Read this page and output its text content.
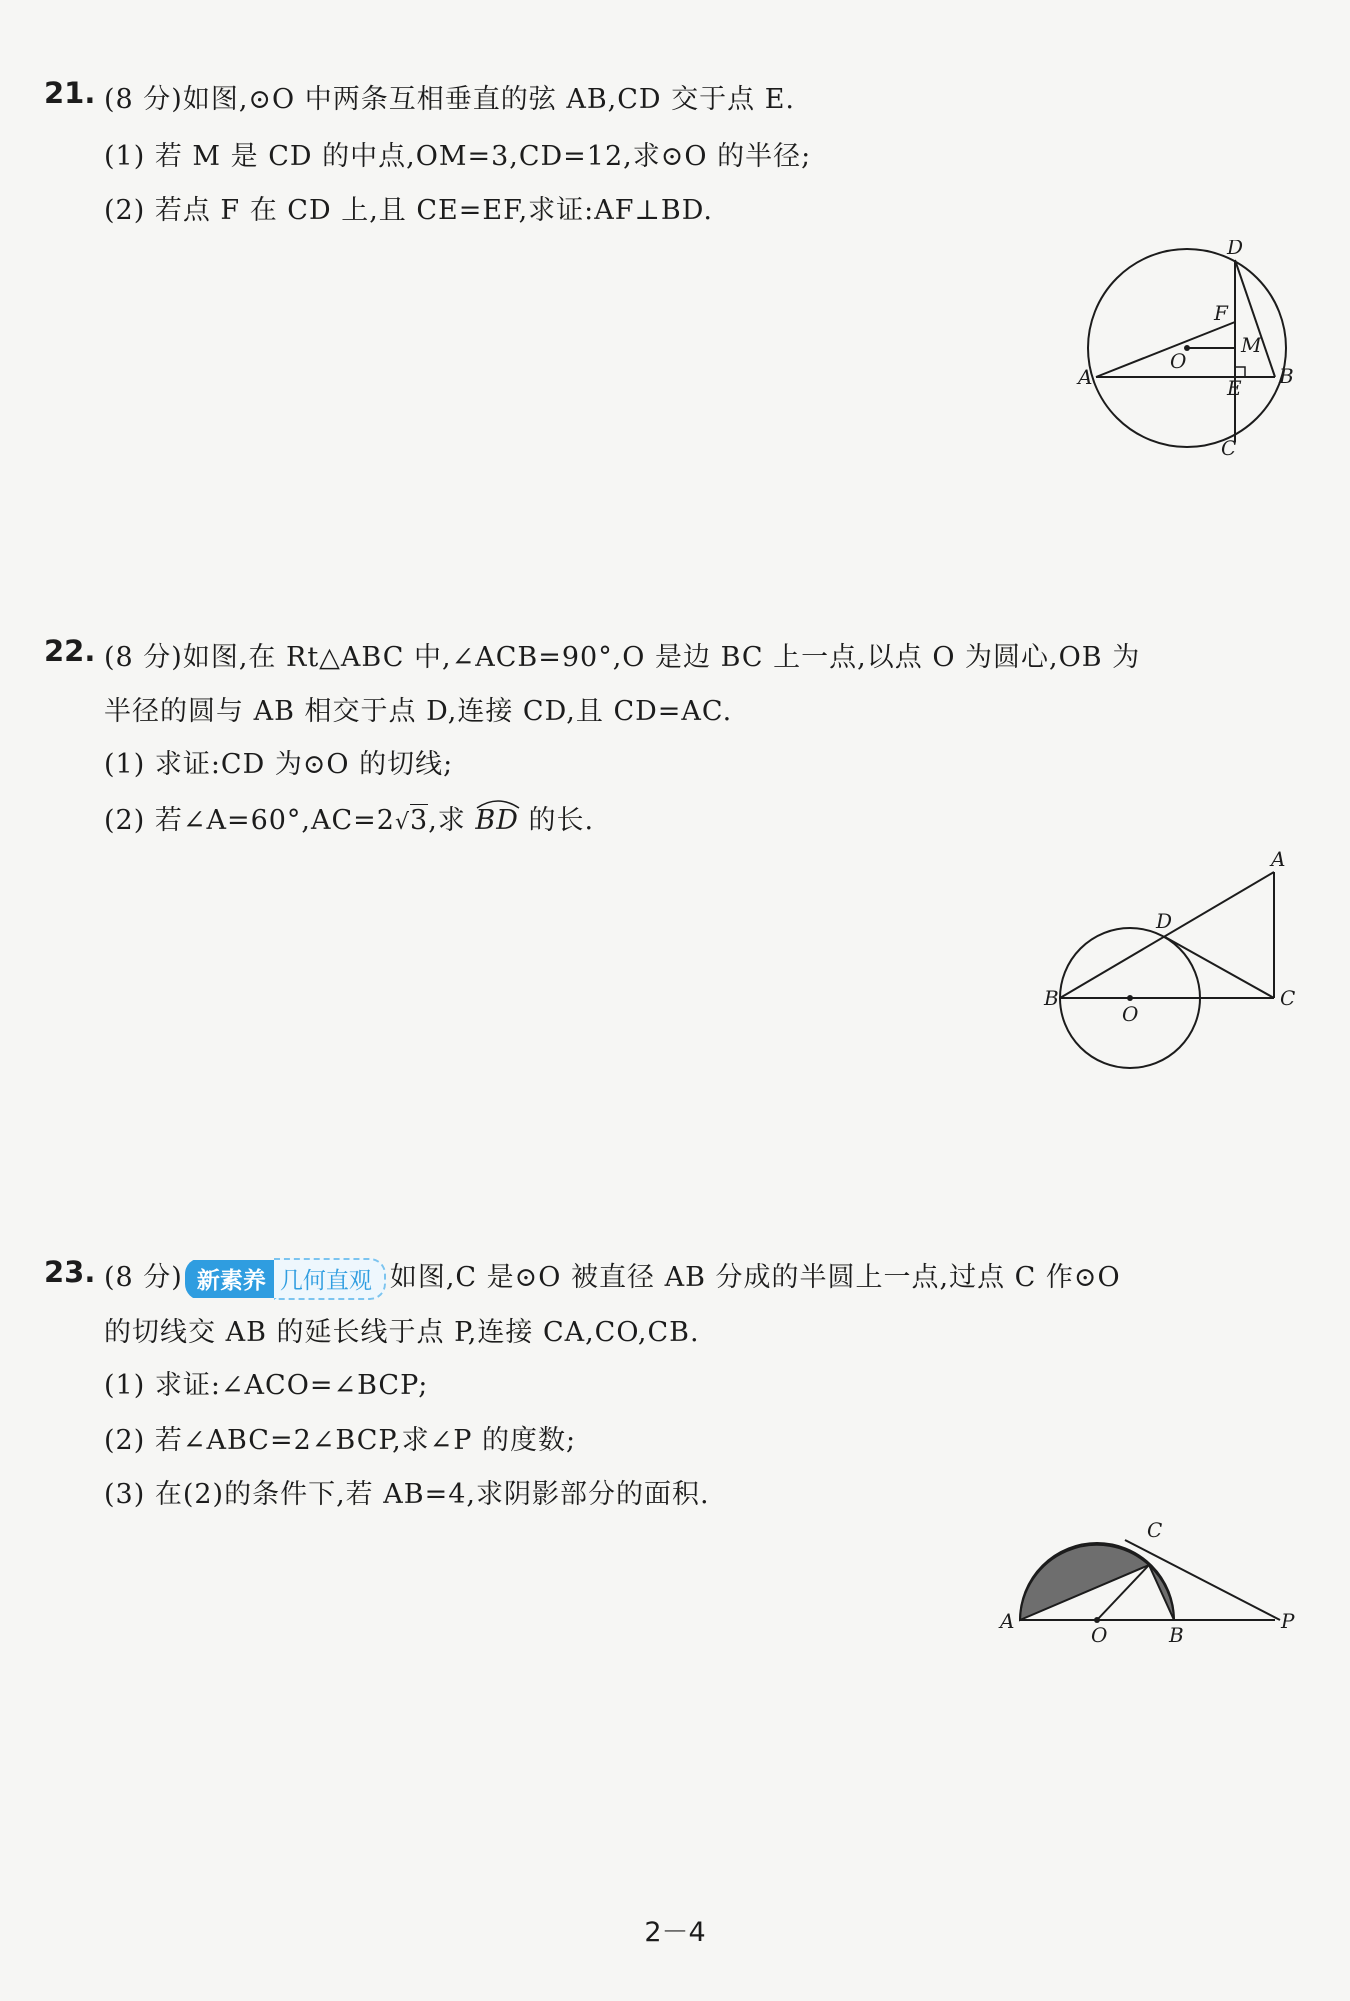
21. (8 分)如图,⊙O 中两条互相垂直的弦 AB,CD 交于点 E.
(1) 若 M 是 CD 的中点,OM=3,CD=12,求⊙O 的半径;
(2) 若点 F 在 CD 上,且 CE=EF,求证:AF⊥BD.
D
F
M
O
A	B
E
C
22. (8 分)如图,在 Rt△ABC 中,∠ACB=90°,O 是边 BC 上一点,以点 O 为圆心,OB 为
半径的圆与 AB 相交于点 D,连接 CD,且 CD=AC.
(1) 求证:CD 为⊙O 的切线;
(2) 若∠A=60°,AC=2√3,求
BD 的长.
A
D
B
O
C
23. (8 分) 新素养 几何直观 如图,C 是⊙O 被直径 AB 分成的半圆上一点,过点 C 作⊙O
的切线交 AB 的延长线于点 P,连接 CA,CO,CB.
(1) 求证:∠ACO=∠BCP;
(2) 若∠ABC=2∠BCP,求∠P 的度数;
(3) 在(2)的条件下,若 AB=4,求阴影部分的面积.
A
O	B
C
P
2－4
